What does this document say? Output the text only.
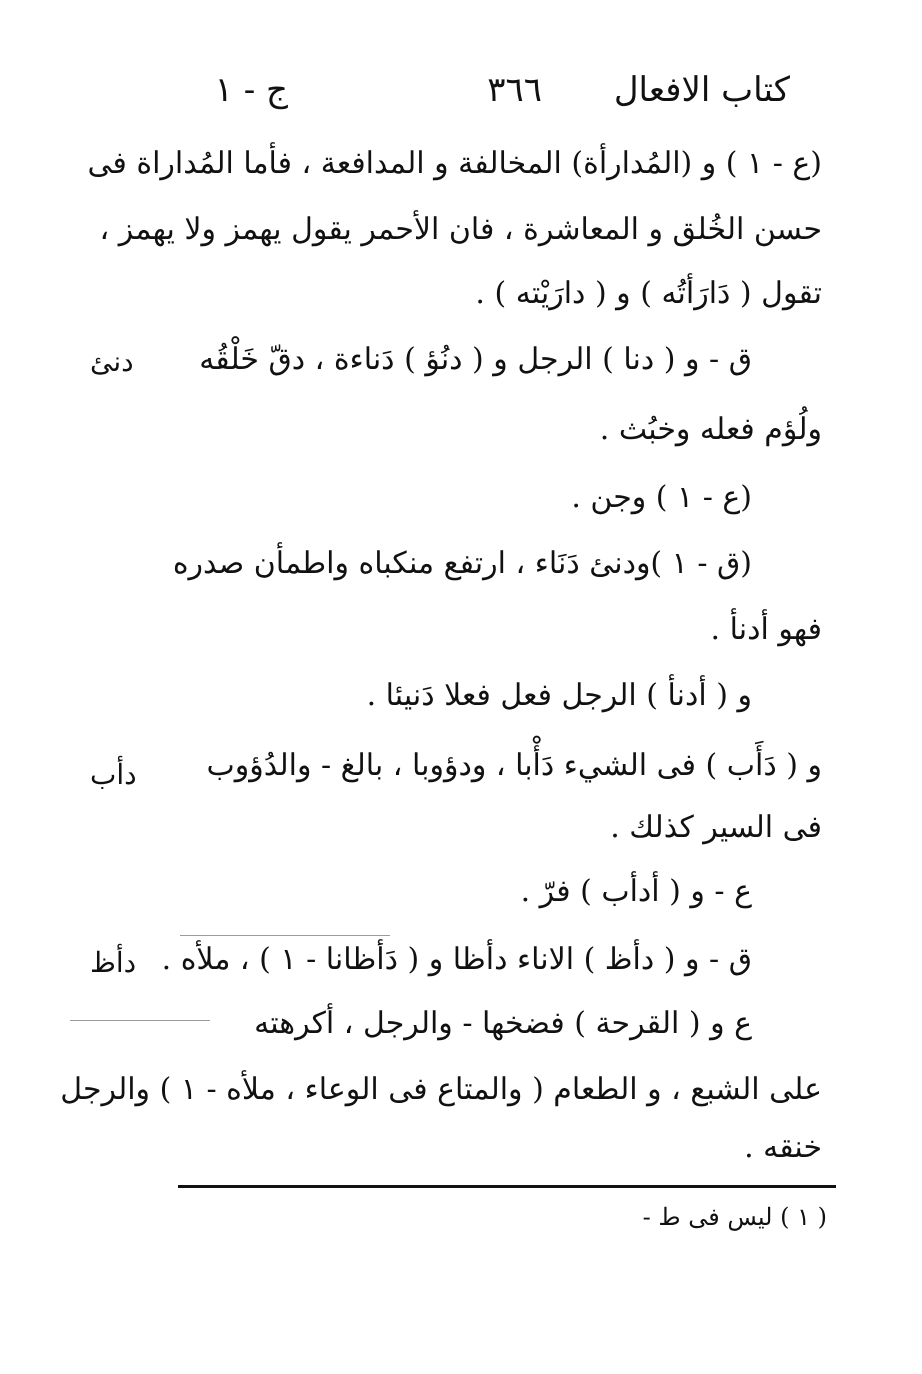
كتاب الافعال
٣٦٦
ج - ١
(ع - ١ ) و (المُدارأة) المخالفة و المدافعة ، فأما المُداراة فى
حسن الخُلق و المعاشرة ، فان الأحمر يقول يهمز ولا يهمز ،
تقول ( دَارَأتُه ) و ( دارَيْته ) .
ق - و ( دنا ) الرجل و ( دنُؤ ) دَناءة ، دقّ خَلْقُه
ولُؤم فعله وخبُث .
(ع - ١ ) وجن .
(ق - ١ )ودنئ دَنَاء ، ارتفع منكباه واطمأن صدره
فهو أدنأ .
و ( أدنأ ) الرجل فعل فعلا دَنيئا .
و ( دَأَب ) فى الشيء دَأْبا ، ودؤوبا ، بالغ - والدُؤوب
فى السير كذلك .
ع - و ( أدأب ) فرّ .
ق - و ( دأظ ) الاناء دأظا و ( دَأظانا - ١ ) ، ملأه .
ع و ( القرحة ) فضخها - والرجل ، أكرهته
على الشبع ، و الطعام ( والمتاع فى الوعاء ، ملأه - ١ ) والرجل
خنقه .
دنئ
دأب
دأظ
( ١ ) ليس فى ط -
